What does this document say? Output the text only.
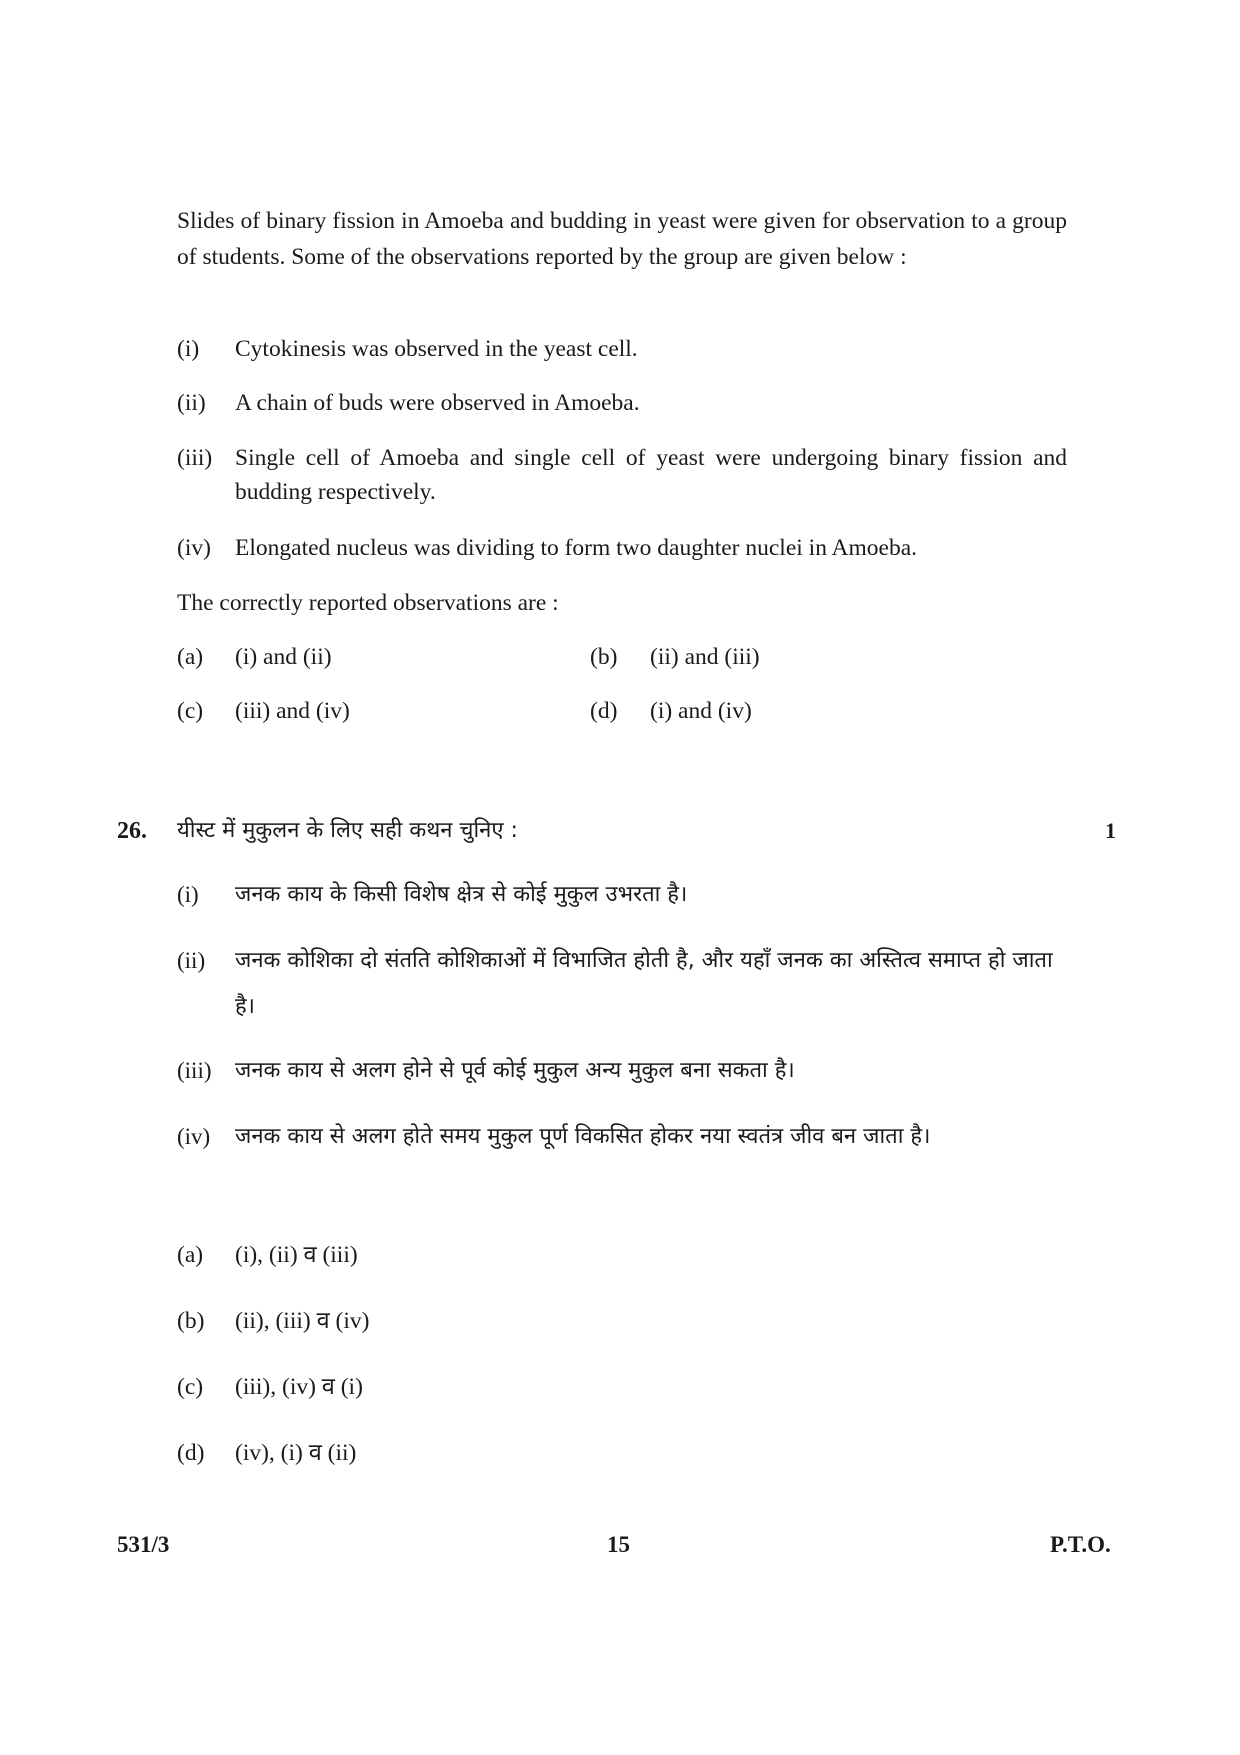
Slides of binary fission in Amoeba and budding in yeast were given for observation to a group of students. Some of the observations reported by the group are given below :

(i) Cytokinesis was observed in the yeast cell.
(ii) A chain of buds were observed in Amoeba.
(iii) Single cell of Amoeba and single cell of yeast were undergoing binary fission and budding respectively.
(iv) Elongated nucleus was dividing to form two daughter nuclei in Amoeba.
The correctly reported observations are :
(a) (i) and (ii)	(b) (ii) and (iii)
(c) (iii) and (iv)	(d) (i) and (iv)
26. यीस्ट में मुकुलन के लिए सही कथन चुनिए :	1
(i) जनक काय के किसी विशेष क्षेत्र से कोई मुकुल उभरता है।
(ii) जनक कोशिका दो संतति कोशिकाओं में विभाजित होती है, और यहाँ जनक का अस्तित्व समाप्त हो जाता है।
(iii) जनक काय से अलग होने से पूर्व कोई मुकुल अन्य मुकुल बना सकता है।
(iv) जनक काय से अलग होते समय मुकुल पूर्ण विकसित होकर नया स्वतंत्र जीव बन जाता है।
(a) (i), (ii) व (iii)
(b) (ii), (iii) व (iv)
(c) (iii), (iv) व (i)
(d) (iv), (i) व (ii)
531/3	15	P.T.O.
